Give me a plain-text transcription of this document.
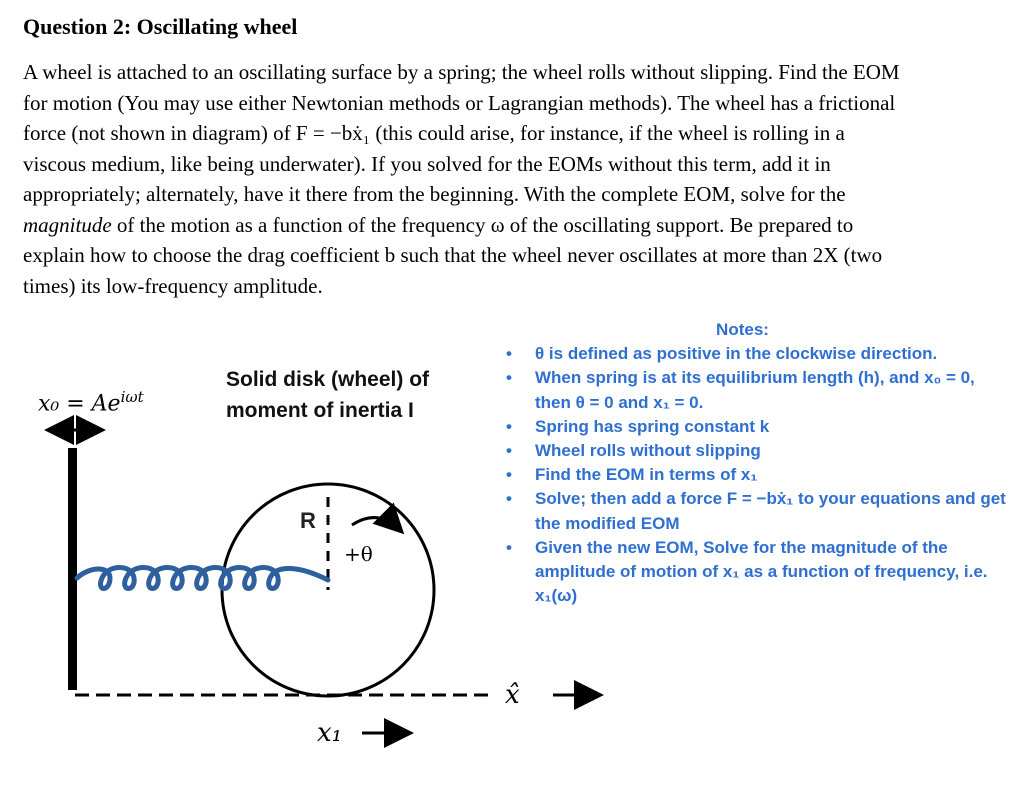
Question 2: Oscillating wheel
A wheel is attached to an oscillating surface by a spring; the wheel rolls without slipping. Find the EOM
for motion (You may use either Newtonian methods or Lagrangian methods). The wheel has a frictional
force (not shown in diagram) of F = −bẋ₁ (this could arise, for instance, if the wheel is rolling in a
viscous medium, like being underwater). If you solved for the EOMs without this term, add it in
appropriately; alternately, have it there from the beginning. With the complete EOM, solve for the
magnitude of the motion as a function of the frequency ω of the oscillating support. Be prepared to
explain how to choose the drag coefficient b such that the wheel never oscillates at more than 2X (two
times) its low-frequency amplitude.
Solid disk (wheel) of
moment of inertia I
$x_0 = Ae^{i\omega t}$
R
+θ
x₁
x̂
Notes:
• θ is defined as positive in the clockwise direction.
• When spring is at its equilibrium length (h), and x₀ = 0, then θ = 0 and x₁ = 0.
• Spring has spring constant k
• Wheel rolls without slipping
• Find the EOM in terms of x₁
• Solve; then add a force F = −bẋ₁ to your equations and get the modified EOM
• Given the new EOM, Solve for the magnitude of the amplitude of motion of x₁ as a function of frequency, i.e. x₁(ω)
